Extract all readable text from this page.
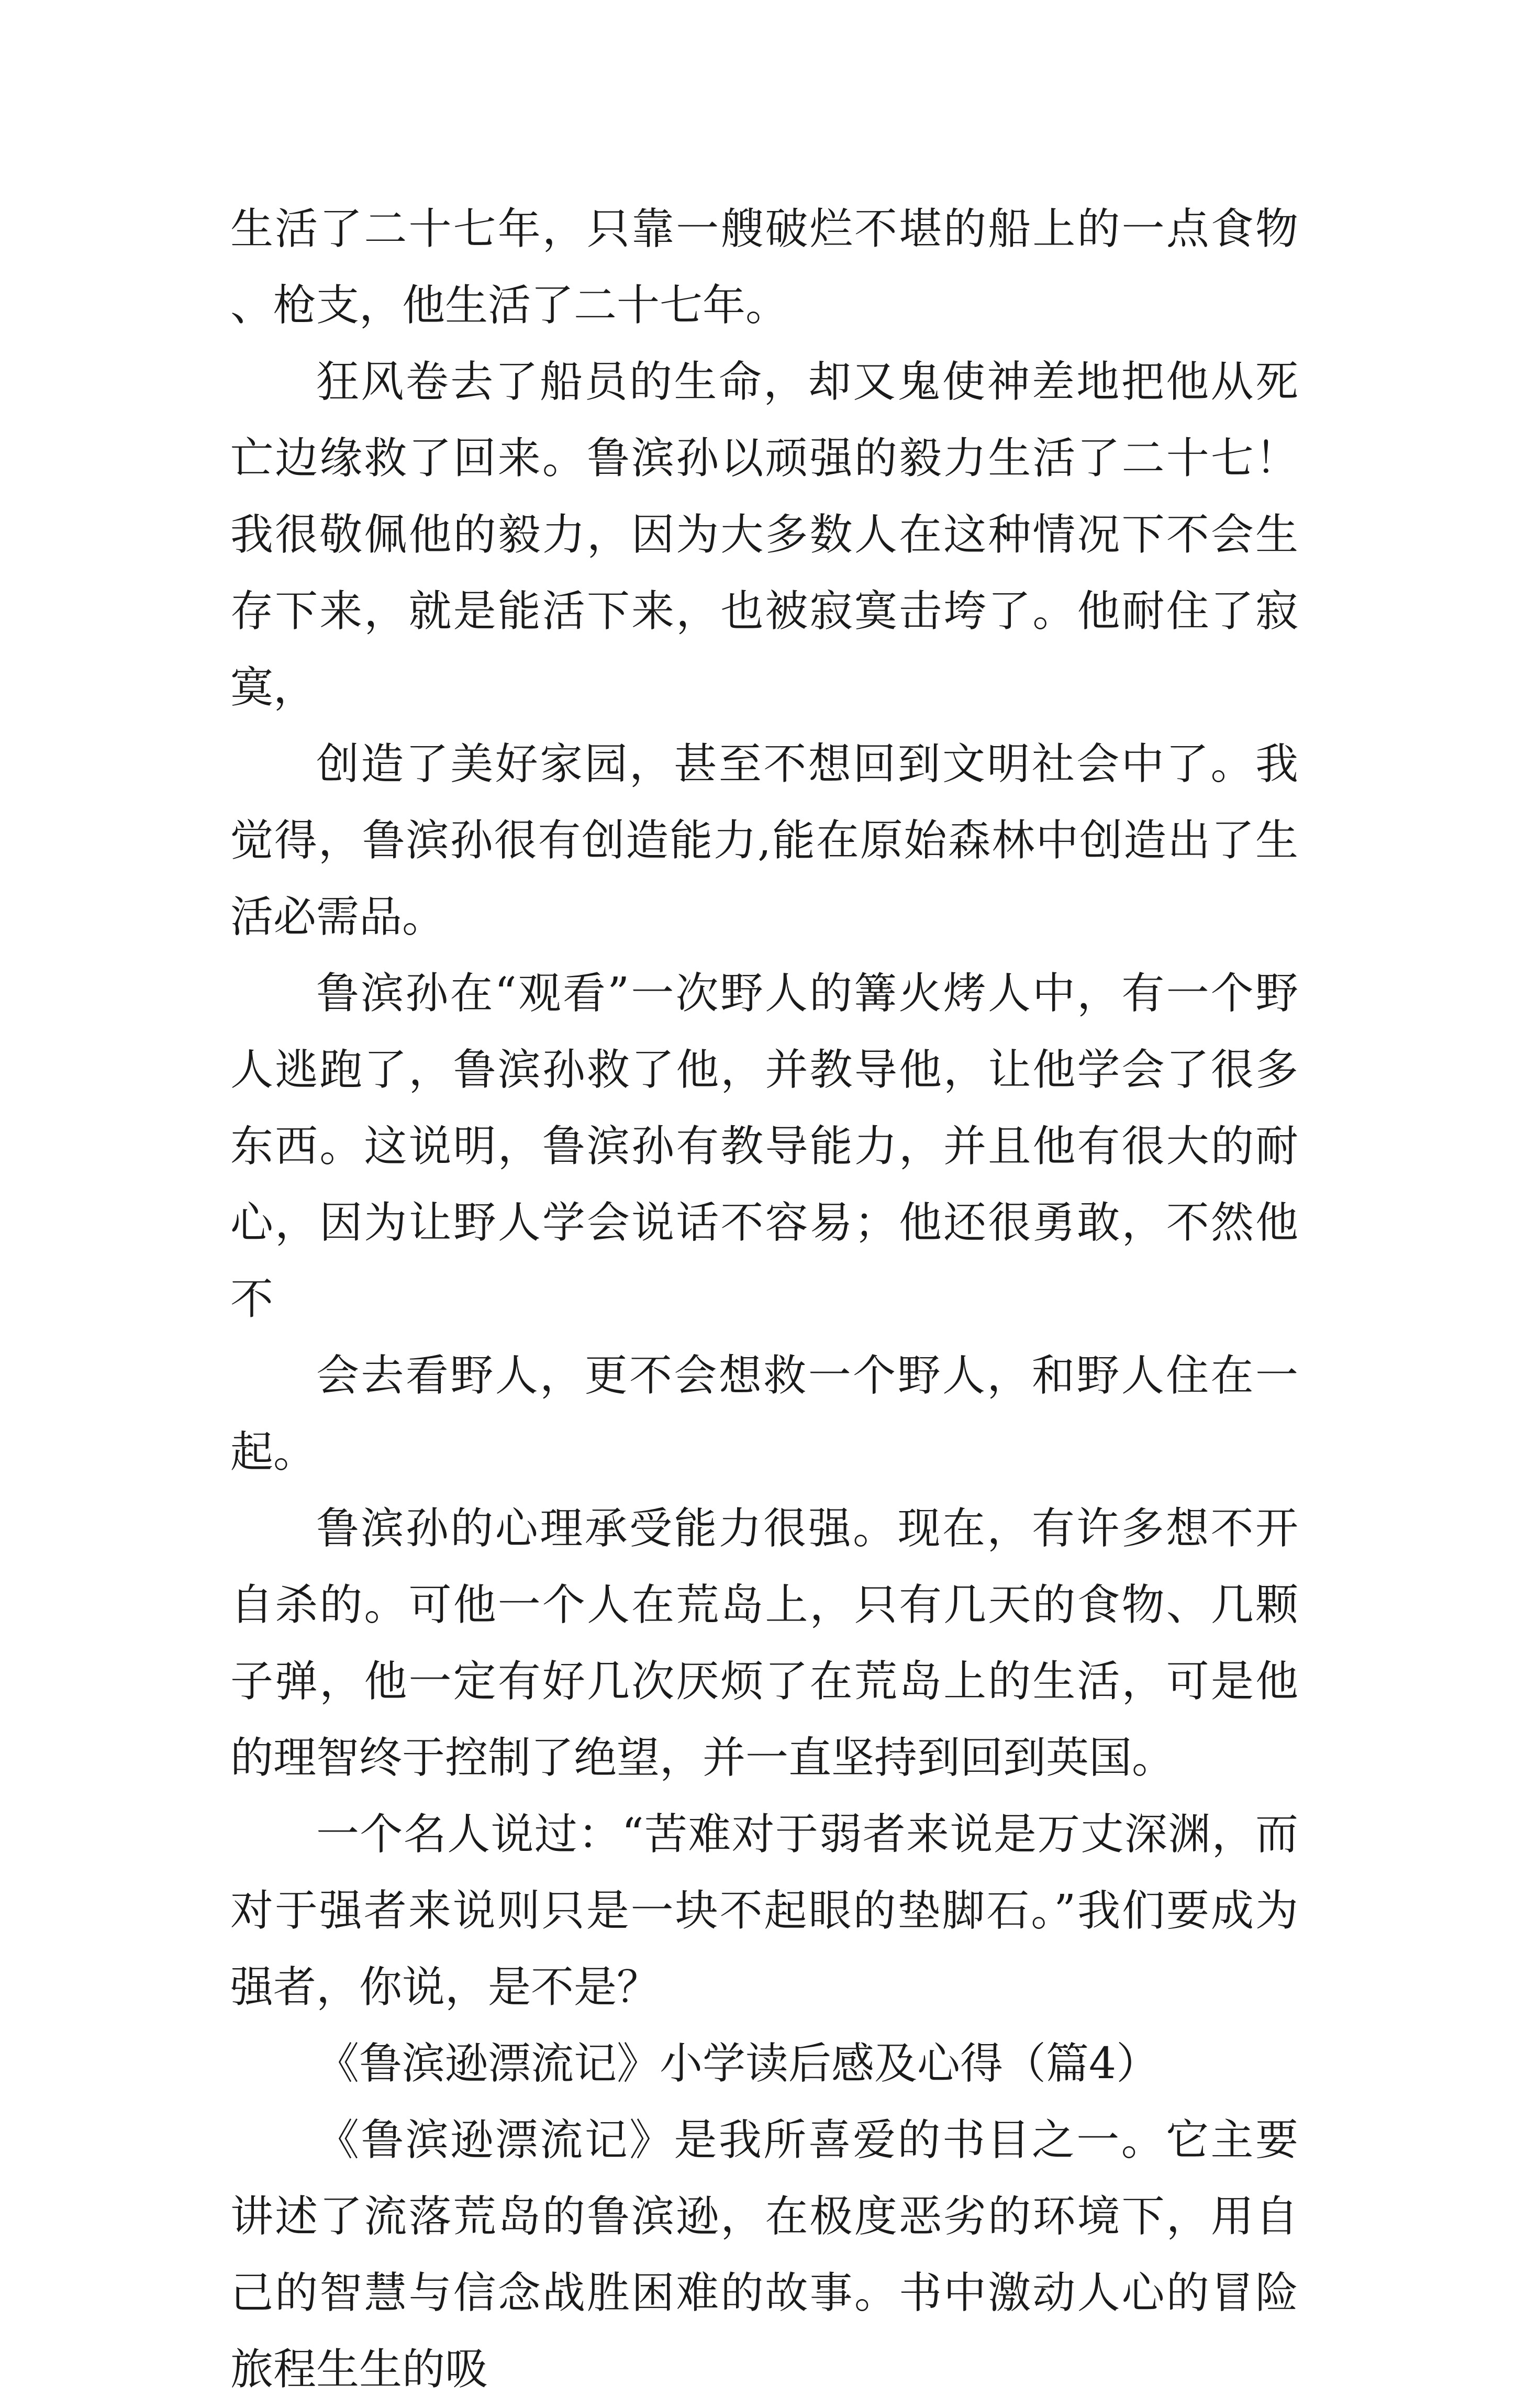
生活了二十七年，只靠一艘破烂不堪的船上的一点食物、枪支，他生活了二十七年。

狂风卷去了船员的生命，却又鬼使神差地把他从死亡边缘救了回来。鲁滨孙以顽强的毅力生活了二十七！我很敬佩他的毅力，因为大多数人在这种情况下不会生存下来，就是能活下来，也被寂寞击垮了。他耐住了寂寞，

创造了美好家园，甚至不想回到文明社会中了。我觉得，鲁滨孙很有创造能力,能在原始森林中创造出了生活必需品。

鲁滨孙在“观看”一次野人的篝火烤人中，有一个野人逃跑了，鲁滨孙救了他，并教导他，让他学会了很多东西。这说明，鲁滨孙有教导能力，并且他有很大的耐心，因为让野人学会说话不容易；他还很勇敢，不然他不

会去看野人，更不会想救一个野人，和野人住在一起。

鲁滨孙的心理承受能力很强。现在，有许多想不开自杀的。可他一个人在荒岛上，只有几天的食物、几颗子弹，他一定有好几次厌烦了在荒岛上的生活，可是他的理智终于控制了绝望，并一直坚持到回到英国。

一个名人说过：“苦难对于弱者来说是万丈深渊，而对于强者来说则只是一块不起眼的垫脚石。”我们要成为强者，你说，是不是？

《鲁滨逊漂流记》小学读后感及心得（篇4）

《鲁滨逊漂流记》是我所喜爱的书目之一。它主要讲述了流落荒岛的鲁滨逊，在极度恶劣的环境下，用自己的智慧与信念战胜困难的故事。书中激动人心的冒险旅程生生的吸
